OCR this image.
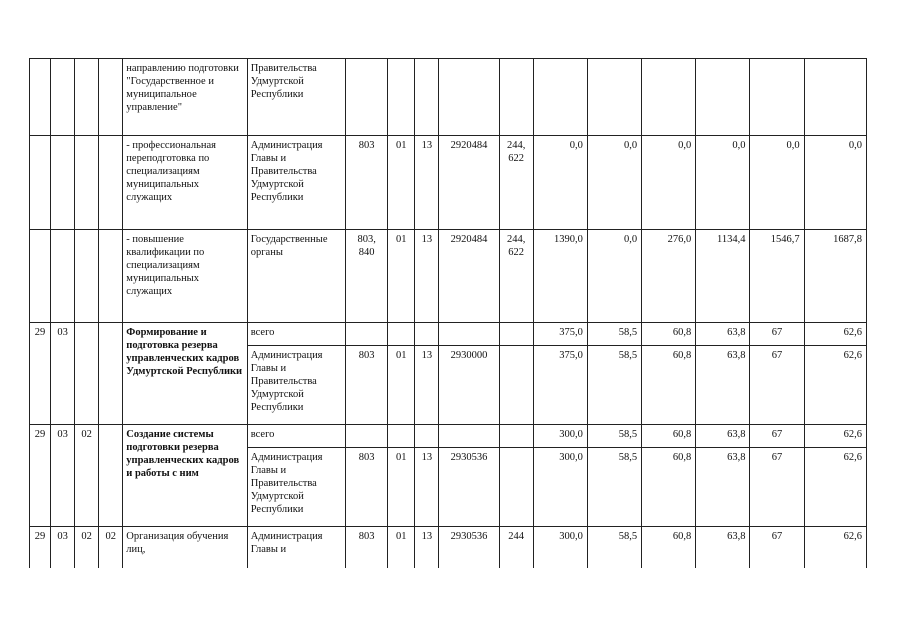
				направлению подготовки "Государственное и муниципальное управление"	Правительства Удмуртской Республики											
				- профессиональная переподготовка по специализациям муниципальных служащих	Администрация Главы и Правительства Удмуртской Республики	803	01	13	2920484	244, 622	0,0	0,0	0,0	0,0	0,0	0,0
				- повышение квалификации по специализациям муниципальных служащих	Государственные органы	803, 840	01	13	2920484	244, 622	1390,0	0,0	276,0	1134,4	1546,7	1687,8
29	03			Формирование и подготовка резерва управленческих кадров Удмуртской Республики	всего						375,0	58,5	60,8	63,8	67	62,6
					Администрация Главы и Правительства Удмуртской Республики	803	01	13	2930000		375,0	58,5	60,8	63,8	67	62,6
29	03	02		Создание системы подготовки резерва управленческих кадров и работы с ним	всего						300,0	58,5	60,8	63,8	67	62,6
					Администрация Главы и Правительства Удмуртской Республики	803	01	13	2930536		300,0	58,5	60,8	63,8	67	62,6
29	03	02	02	Организация обучения лиц,	Администрация Главы и	803	01	13	2930536	244	300,0	58,5	60,8	63,8	67	62,6
